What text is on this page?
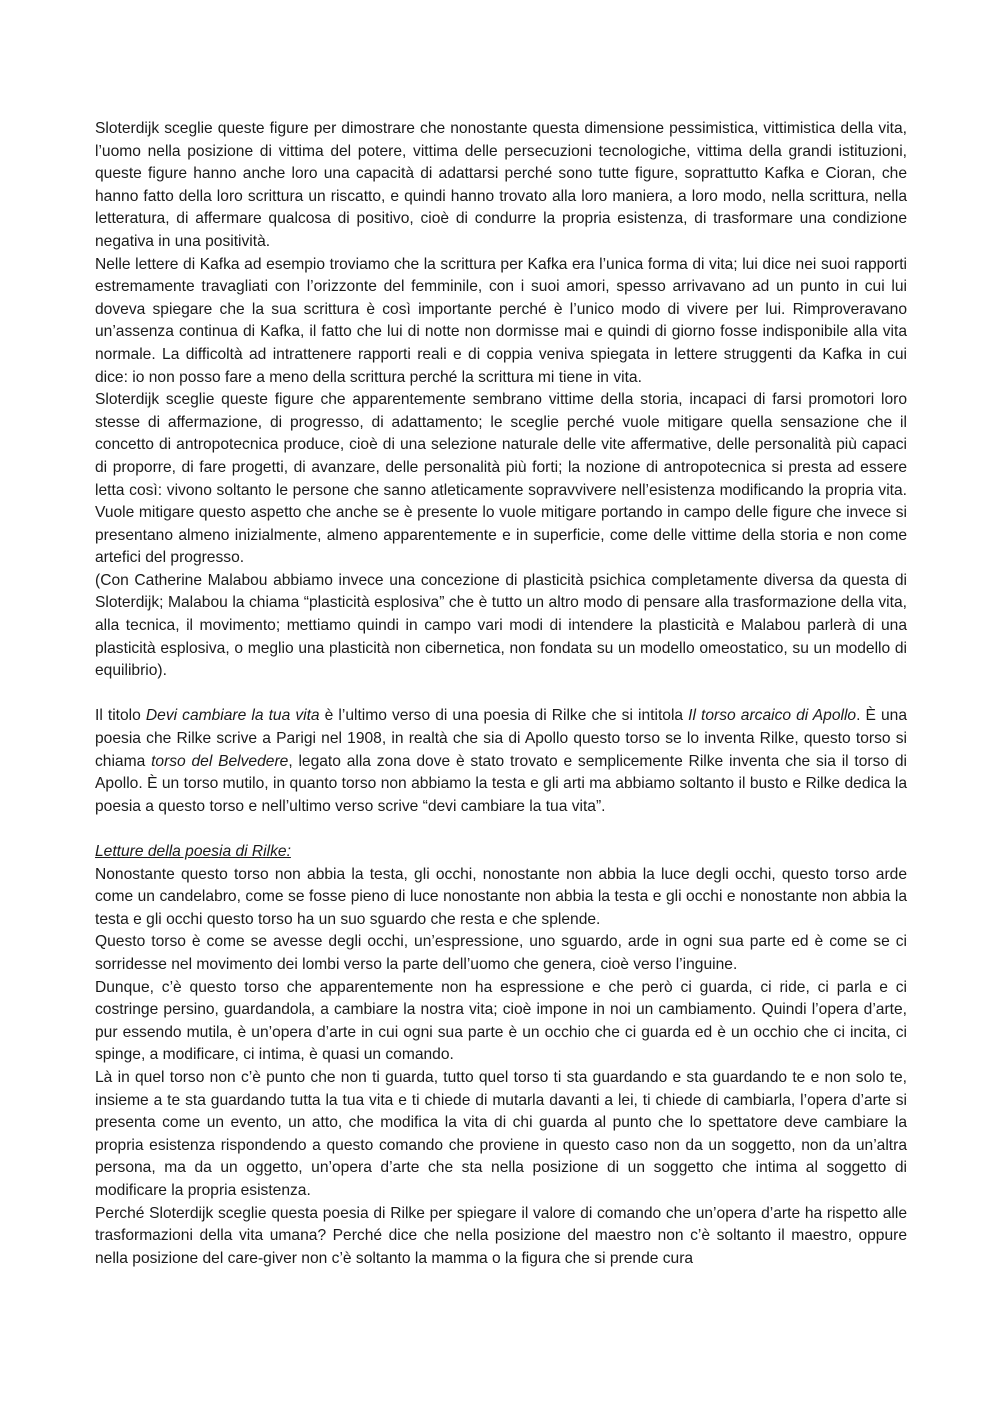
Sloterdijk sceglie queste figure per dimostrare che nonostante questa dimensione pessimistica, vittimistica della vita, l’uomo nella posizione di vittima del potere, vittima delle persecuzioni tecnologiche, vittima della grandi istituzioni, queste figure hanno anche loro una capacità di adattarsi perché sono tutte figure, soprattutto Kafka e Cioran, che hanno fatto della loro scrittura un riscatto, e quindi hanno trovato alla loro maniera, a loro modo, nella scrittura, nella letteratura, di affermare qualcosa di positivo, cioè di condurre la propria esistenza, di trasformare una condizione negativa in una positività.

Nelle lettere di Kafka ad esempio troviamo che la scrittura per Kafka era l’unica forma di vita; lui dice nei suoi rapporti estremamente travagliati con l’orizzonte del femminile, con i suoi amori, spesso arrivavano ad un punto in cui lui doveva spiegare che la sua scrittura è così importante perché è l’unico modo di vivere per lui. Rimproveravano un’assenza continua di Kafka, il fatto che lui di notte non dormisse mai e quindi di giorno fosse indisponibile alla vita normale. La difficoltà ad intrattenere rapporti reali e di coppia veniva spiegata in lettere struggenti da Kafka in cui dice: io non posso fare a meno della scrittura perché la scrittura mi tiene in vita.

Sloterdijk sceglie queste figure che apparentemente sembrano vittime della storia, incapaci di farsi promotori loro stesse di affermazione, di progresso, di adattamento; le sceglie perché vuole mitigare quella sensazione che il concetto di antropotecnica produce, cioè di una selezione naturale delle vite affermative, delle personalità più capaci di proporre, di fare progetti, di avanzare, delle personalità più forti; la nozione di antropotecnica si presta ad essere letta così: vivono soltanto le persone che sanno atleticamente sopravvivere nell’esistenza modificando la propria vita. Vuole mitigare questo aspetto che anche se è presente lo vuole mitigare portando in campo delle figure che invece si presentano almeno inizialmente, almeno apparentemente e in superficie, come delle vittime della storia e non come artefici del progresso.

(Con Catherine Malabou abbiamo invece una concezione di plasticità psichica completamente diversa da questa di Sloterdijk; Malabou la chiama “plasticità esplosiva” che è tutto un altro modo di pensare alla trasformazione della vita, alla tecnica, il movimento; mettiamo quindi in campo vari modi di intendere la plasticità e Malabou parlerà di una plasticità esplosiva, o meglio una plasticità non cibernetica, non fondata su un modello omeostatico, su un modello di equilibrio).

Il titolo Devi cambiare la tua vita è l’ultimo verso di una poesia di Rilke che si intitola Il torso arcaico di Apollo. È una poesia che Rilke scrive a Parigi nel 1908, in realtà che sia di Apollo questo torso se lo inventa Rilke, questo torso si chiama torso del Belvedere, legato alla zona dove è stato trovato e semplicemente Rilke inventa che sia il torso di Apollo. È un torso mutilo, in quanto torso non abbiamo la testa e gli arti ma abbiamo soltanto il busto e Rilke dedica la poesia a questo torso e nell’ultimo verso scrive “devi cambiare la tua vita”.

Letture della poesia di Rilke:

Nonostante questo torso non abbia la testa, gli occhi, nonostante non abbia la luce degli occhi, questo torso arde come un candelabro, come se fosse pieno di luce nonostante non abbia la testa e gli occhi e nonostante non abbia la testa e gli occhi questo torso ha un suo sguardo che resta e che splende.

Questo torso è come se avesse degli occhi, un’espressione, uno sguardo, arde in ogni sua parte ed è come se ci sorridesse nel movimento dei lombi verso la parte dell’uomo che genera, cioè verso l’inguine.

Dunque, c’è questo torso che apparentemente non ha espressione e che però ci guarda, ci ride, ci parla e ci costringe persino, guardandola, a cambiare la nostra vita; cioè impone in noi un cambiamento. Quindi l’opera d’arte, pur essendo mutila, è un’opera d’arte in cui ogni sua parte è un occhio che ci guarda ed è un occhio che ci incita, ci spinge, a modificare, ci intima, è quasi un comando.

Là in quel torso non c’è punto che non ti guarda, tutto quel torso ti sta guardando e sta guardando te e non solo te, insieme a te sta guardando tutta la tua vita e ti chiede di mutarla davanti a lei, ti chiede di cambiarla, l’opera d’arte si presenta come un evento, un atto, che modifica la vita di chi guarda al punto che lo spettatore deve cambiare la propria esistenza rispondendo a questo comando che proviene in questo caso non da un soggetto, non da un’altra persona, ma da un oggetto, un’opera d’arte che sta nella posizione di un soggetto che intima al soggetto di modificare la propria esistenza.

Perché Sloterdijk sceglie questa poesia di Rilke per spiegare il valore di comando che un’opera d’arte ha rispetto alle trasformazioni della vita umana? Perché dice che nella posizione del maestro non c’è soltanto il maestro, oppure nella posizione del care-giver non c’è soltanto la mamma o la figura che si prende cura
